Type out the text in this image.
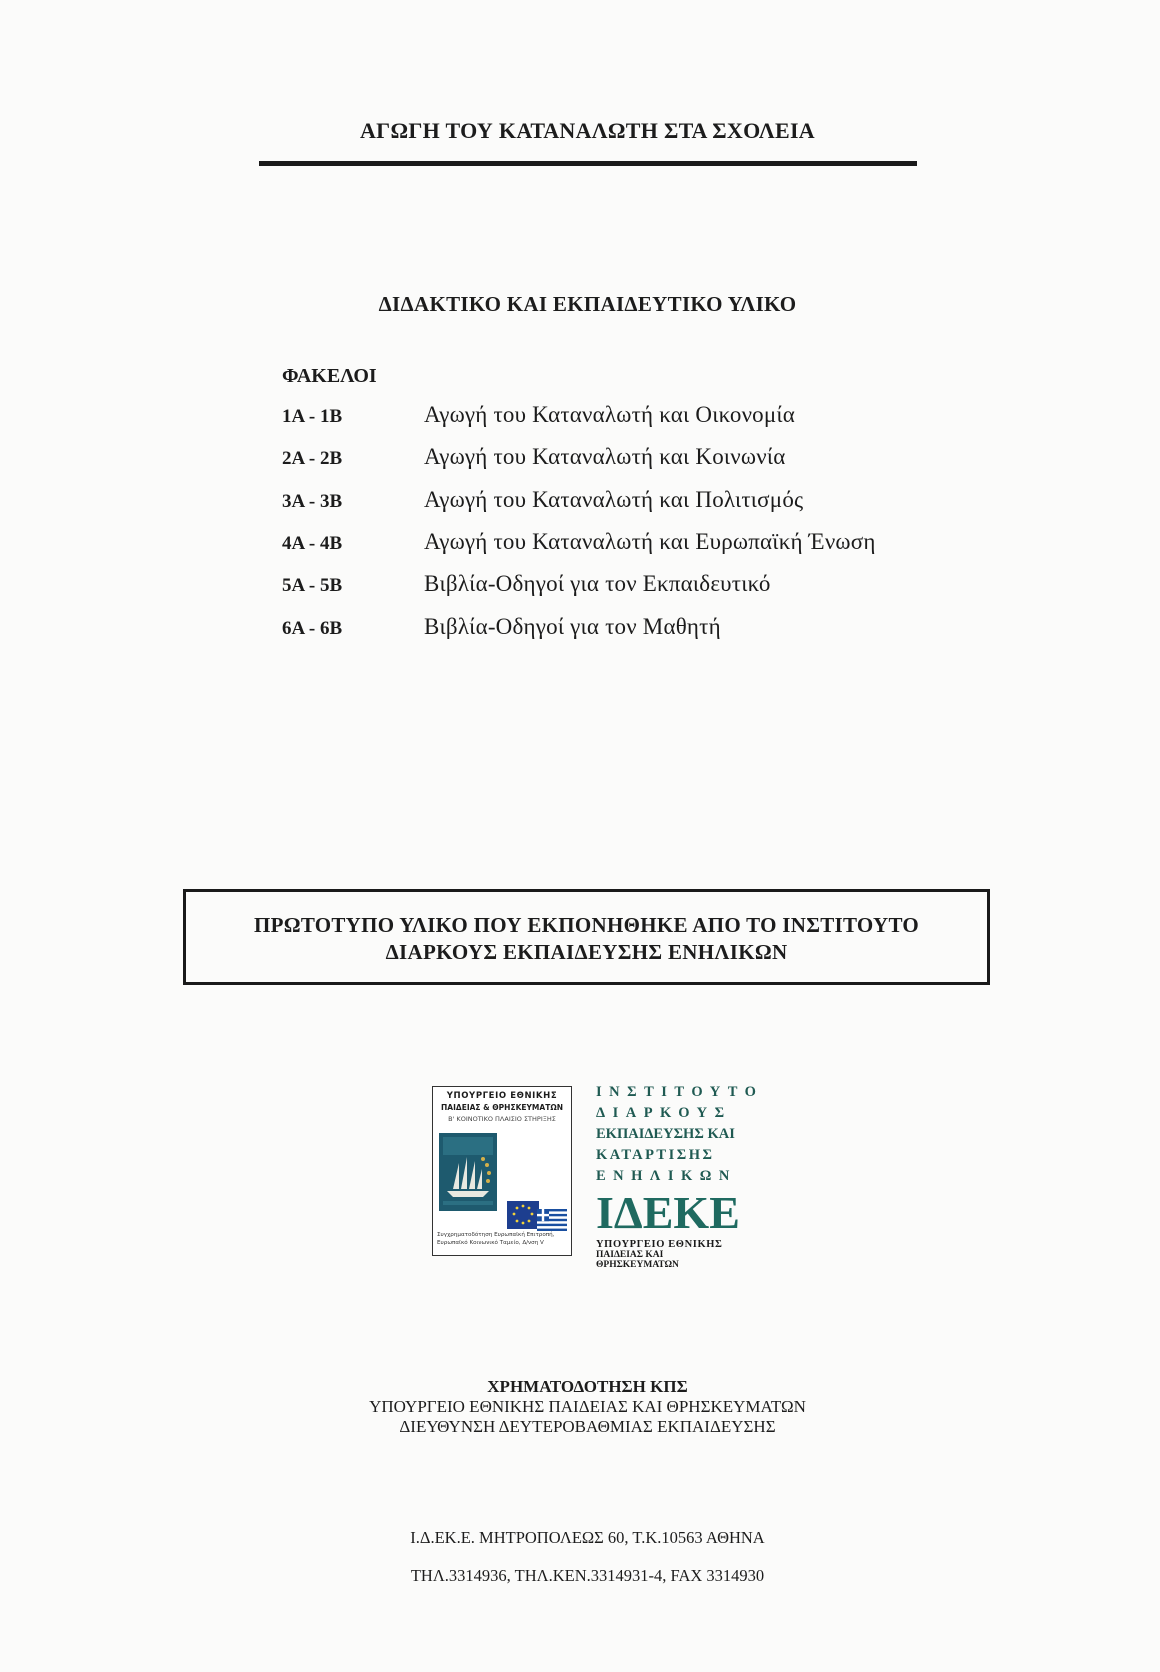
ΑΓΩΓΗ ΤΟΥ ΚΑΤΑΝΑΛΩΤΗ ΣΤΑ ΣΧΟΛΕΙΑ
ΔΙΔΑΚΤΙΚΟ ΚΑΙ ΕΚΠΑΙΔΕΥΤΙΚΟ ΥΛΙΚΟ
ΦΑΚΕΛΟΙ
1Α - 1Β	Αγωγή του Καταναλωτή και Οικονομία
2Α - 2Β	Αγωγή του Καταναλωτή και Κοινωνία
3Α - 3Β	Αγωγή του Καταναλωτή και Πολιτισμός
4Α - 4Β	Αγωγή του Καταναλωτή και Ευρωπαϊκή Ένωση
5Α - 5Β	Βιβλία-Οδηγοί για τον Εκπαιδευτικό
6Α - 6Β	Βιβλία-Οδηγοί για τον Μαθητή
ΠΡΩΤΟΤΥΠΟ ΥΛΙΚΟ ΠΟΥ ΕΚΠΟΝΗΘΗΚΕ ΑΠΟ ΤΟ ΙΝΣΤΙΤΟΥΤΟ
ΔΙΑΡΚΟΥΣ ΕΚΠΑΙΔΕΥΣΗΣ ΕΝΗΛΙΚΩΝ
ΥΠΟΥΡΓΕΙΟ ΕΘΝΙΚΗΣ
ΠΑΙΔΕΙΑΣ & ΘΡΗΣΚΕΥΜΑΤΩΝ
Β' ΚΟΙΝΟΤΙΚΟ ΠΛΑΙΣΙΟ ΣΤΗΡΙΞΗΣ
Συγχρηματοδότηση Ευρωπαϊκή Επιτροπή, Ευρωπαϊκό Κοινωνικό Ταμείο, Δ/νση V
ΙΝΣΤΙΤΟΥΤΟ
ΔΙΑΡΚΟΥΣ
ΕΚΠΑΙΔΕΥΣΗΣ ΚΑΙ
ΚΑΤΑΡΤΙΣΗΣ
ΕΝΗΛΙΚΩΝ
ΙΔΕΚΕ
ΥΠΟΥΡΓΕΙΟ ΕΘΝΙΚΗΣ
ΠΑΙΔΕΙΑΣ ΚΑΙ ΘΡΗΣΚΕΥΜΑΤΩΝ
ΧΡΗΜΑΤΟΔΟΤΗΣΗ ΚΠΣ
ΥΠΟΥΡΓΕΙΟ ΕΘΝΙΚΗΣ ΠΑΙΔΕΙΑΣ ΚΑΙ ΘΡΗΣΚΕΥΜΑΤΩΝ
ΔΙΕΥΘΥΝΣΗ ΔΕΥΤΕΡΟΒΑΘΜΙΑΣ ΕΚΠΑΙΔΕΥΣΗΣ
Ι.Δ.ΕΚ.Ε. ΜΗΤΡΟΠΟΛΕΩΣ 60, Τ.Κ.10563 ΑΘΗΝΑ
ΤΗΛ.3314936, ΤΗΛ.ΚΕΝ.3314931-4, FAX 3314930
